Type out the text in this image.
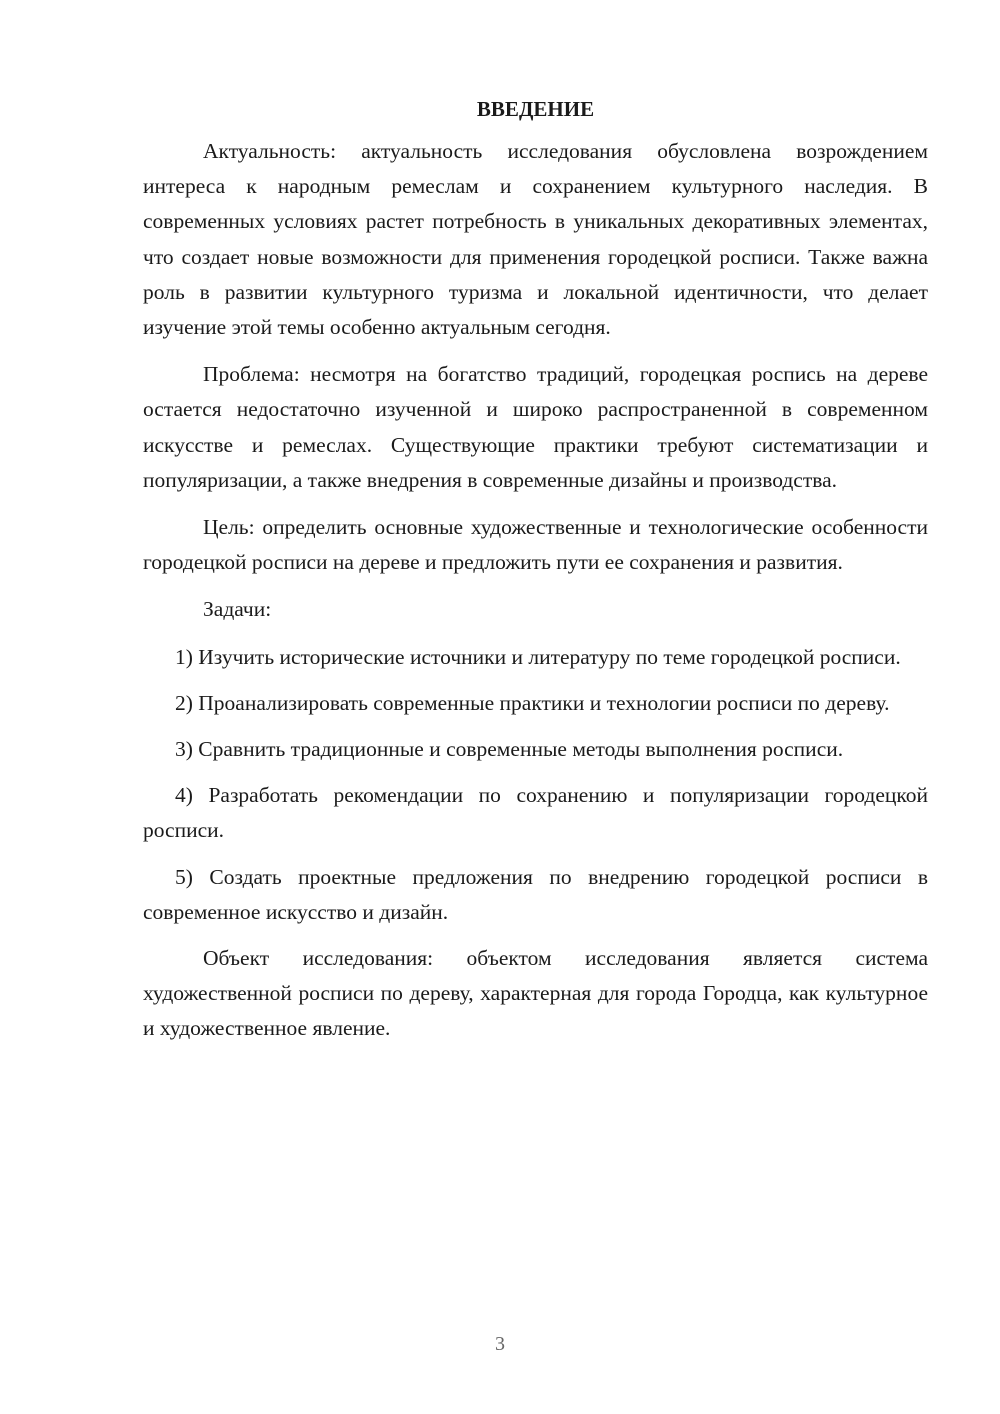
ВВЕДЕНИЕ

Актуальность: актуальность исследования обусловлена возрождением интереса к народным ремеслам и сохранением культурного наследия. В современных условиях растет потребность в уникальных декоративных элементах, что создает новые возможности для применения городецкой росписи. Также важна роль в развитии культурного туризма и локальной идентичности, что делает изучение этой темы особенно актуальным сегодня.

Проблема: несмотря на богатство традиций, городецкая роспись на дереве остается недостаточно изученной и широко распространенной в современном искусстве и ремеслах. Существующие практики требуют систематизации и популяризации, а также внедрения в современные дизайны и производства.

Цель: определить основные художественные и технологические особенности городецкой росписи на дереве и предложить пути ее сохранения и развития.

Задачи:

1) Изучить исторические источники и литературу по теме городецкой росписи.

2) Проанализировать современные практики и технологии росписи по дереву.

3) Сравнить традиционные и современные методы выполнения росписи.

4) Разработать рекомендации по сохранению и популяризации городецкой росписи.

5) Создать проектные предложения по внедрению городецкой росписи в современное искусство и дизайн.

Объект исследования: объектом исследования является система художественной росписи по дереву, характерная для города Городца, как культурное и художественное явление.

3
